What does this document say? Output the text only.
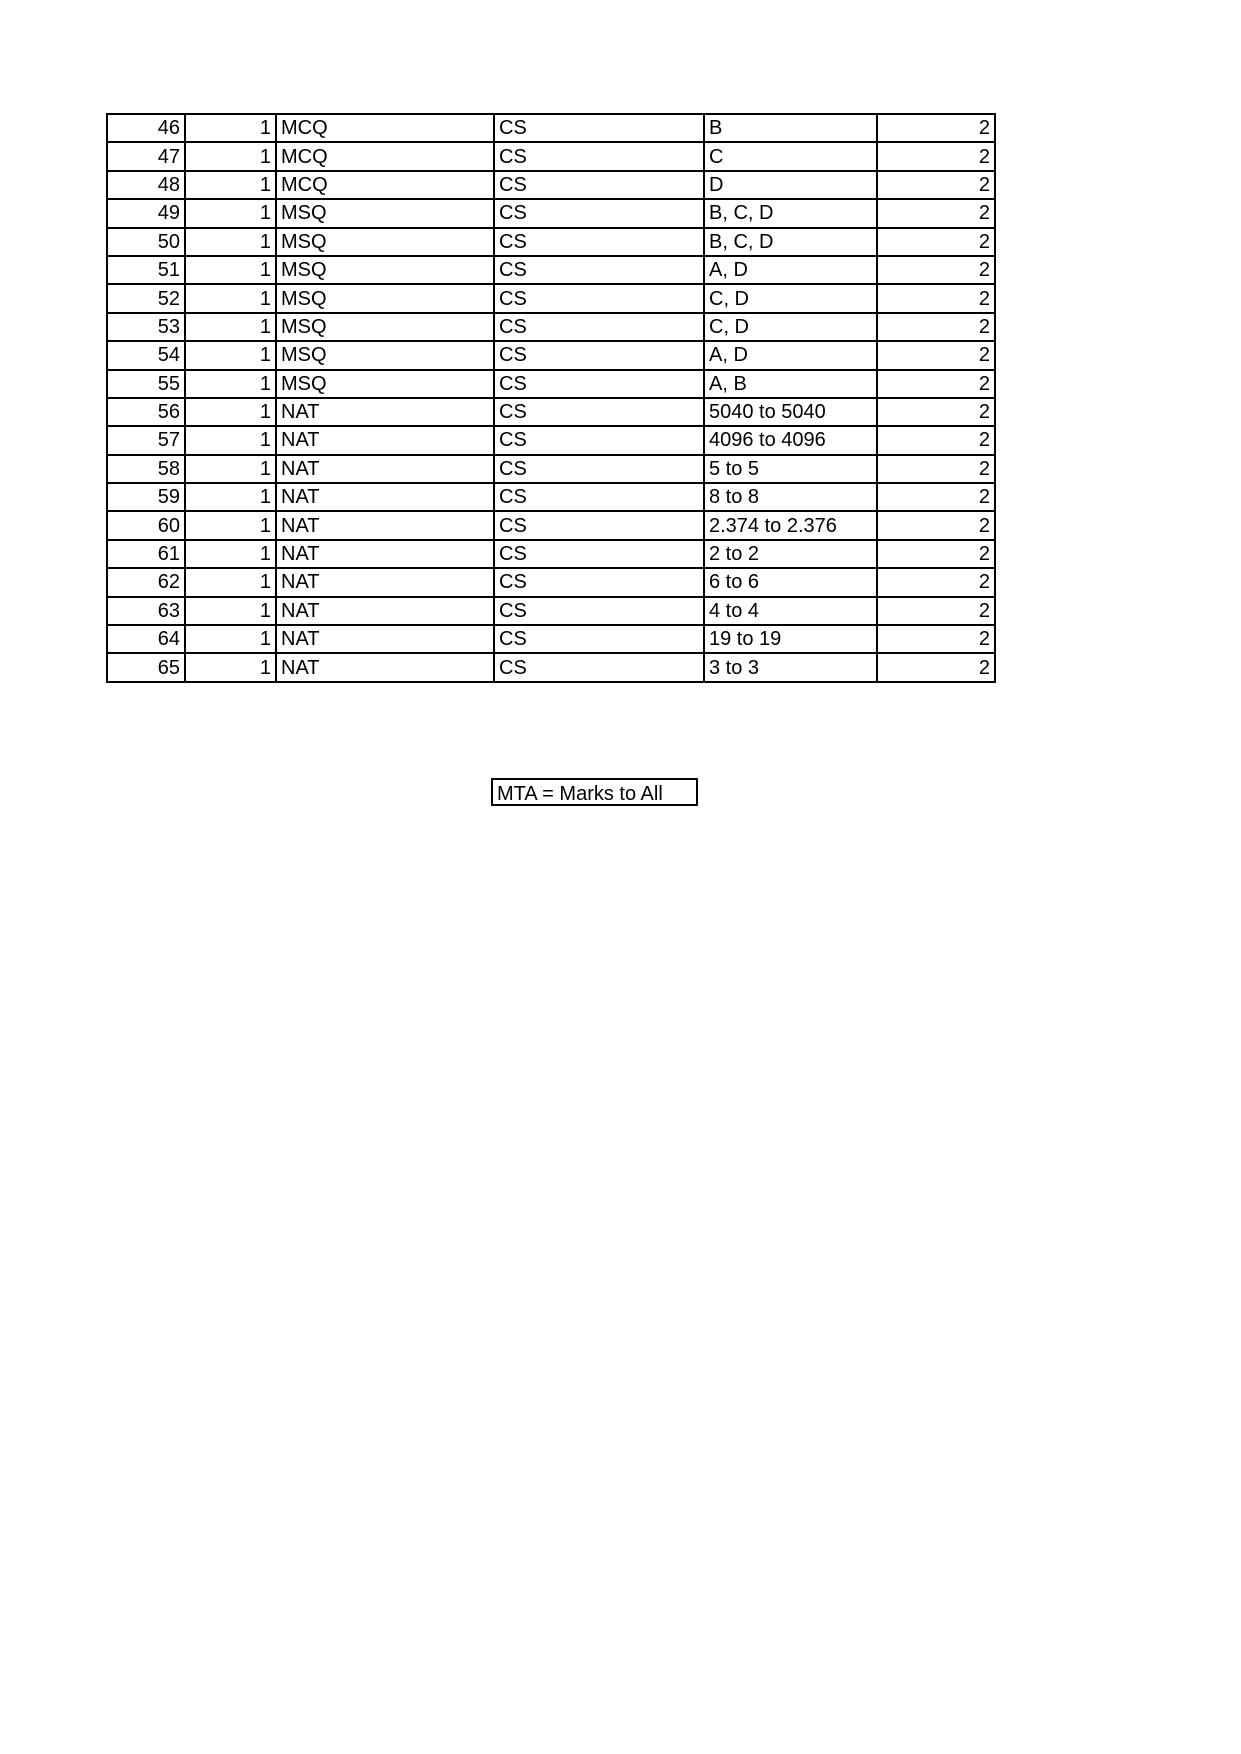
46	1	MCQ	CS	B	2
47	1	MCQ	CS	C	2
48	1	MCQ	CS	D	2
49	1	MSQ	CS	B, C, D	2
50	1	MSQ	CS	B, C, D	2
51	1	MSQ	CS	A, D	2
52	1	MSQ	CS	C, D	2
53	1	MSQ	CS	C, D	2
54	1	MSQ	CS	A, D	2
55	1	MSQ	CS	A, B	2
56	1	NAT	CS	5040 to 5040	2
57	1	NAT	CS	4096 to 4096	2
58	1	NAT	CS	5 to 5	2
59	1	NAT	CS	8 to 8	2
60	1	NAT	CS	2.374 to 2.376	2
61	1	NAT	CS	2 to 2	2
62	1	NAT	CS	6 to 6	2
63	1	NAT	CS	4 to 4	2
64	1	NAT	CS	19 to 19	2
65	1	NAT	CS	3 to 3	2
MTA = Marks to All
